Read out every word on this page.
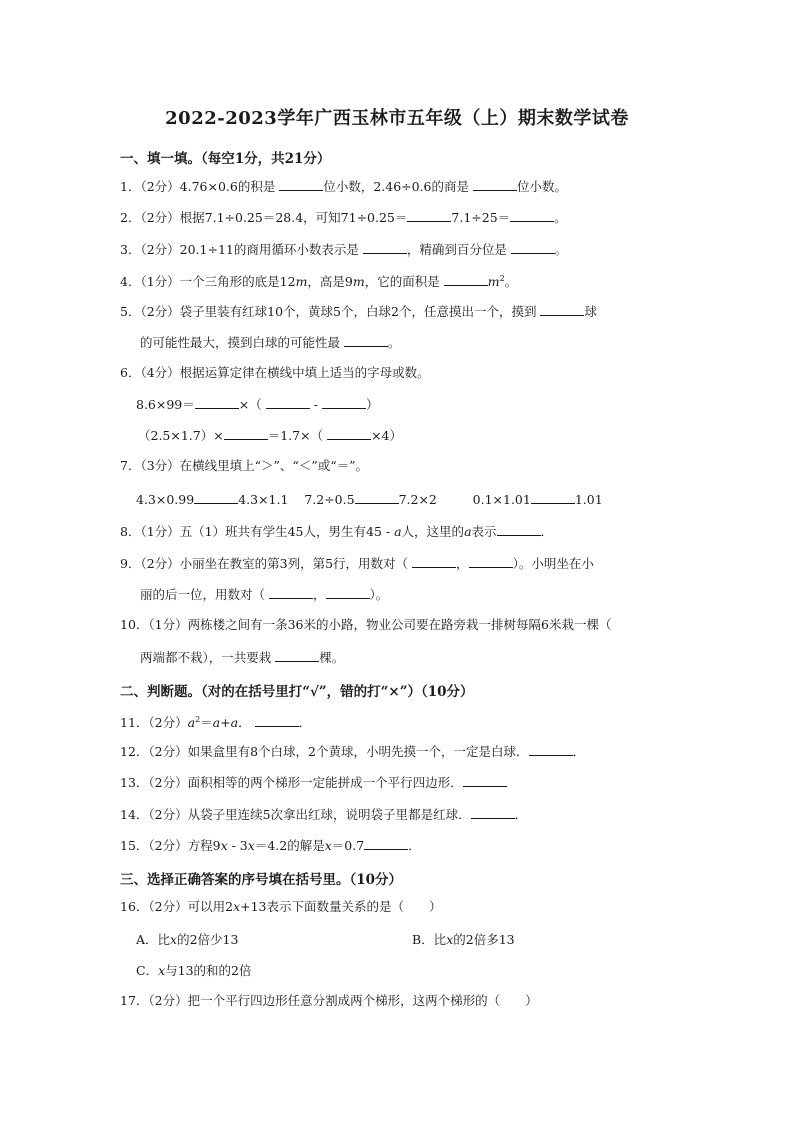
2022-2023学年广西玉林市五年级（上）期末数学试卷
一、填一填。（每空1分，共21分）
1．（2分）4.76×0.6的积是	位小数，2.46÷0.6的商是	位小数。
2．（2分）根据7.1÷0.25＝28.4，可知71÷0.25＝	7.1÷25＝	。
3．（2分）20.1÷11的商用循环小数表示是	，精确到百分位是	。
4．（1分）一个三角形的底是12m，高是9m，它的面积是	$m^2$。
5．（2分）袋子里装有红球10个，黄球5个，白球2个，任意摸出一个，摸到	球
的可能性最大，摸到白球的可能性最	。
6．（4分）根据运算定律在横线中填上适当的字母或数。
8.6×99＝	×（	-	）
（2.5×1.7）×	＝1.7×（	×4）
7．（3分）在横线里填上“＞”、“＜”或“＝”。
4.3×0.99	4.3×1.1 7.2÷0.5	7.2×2	0.1×1.01	1.01
8．（1分）五（1）班共有学生45人，男生有45 - a人，这里的a表示	．
9．（2分）小丽坐在教室的第3列，第5行，用数对（	，	）。小明坐在小
丽的后一位，用数对（	，	）。
10．（1分）两栋楼之间有一条36米的小路，物业公司要在路旁栽一排树每隔6米栽一棵（
两端都不栽），一共要栽	棵。
二、判断题。（对的在括号里打“√”，错的打“×”）（10分）
11．（2分）$a^2=a+a$．	．
12．（2分）如果盒里有8个白球，2个黄球，小明先摸一个，一定是白球．	．
13．（2分）面积相等的两个梯形一定能拼成一个平行四边形．
14．（2分）从袋子里连续5次拿出红球，说明袋子里都是红球．	．
15．（2分）方程9x - 3x＝4.2的解是x＝0.7	．
三、选择正确答案的序号填在括号里。（10分）
16．（2分）可以用2x+13表示下面数量关系的是（　　）
A．比x的2倍少13	B．比x的2倍多13
C．x与13的和的2倍
17．（2分）把一个平行四边形任意分割成两个梯形，这两个梯形的（　　）
